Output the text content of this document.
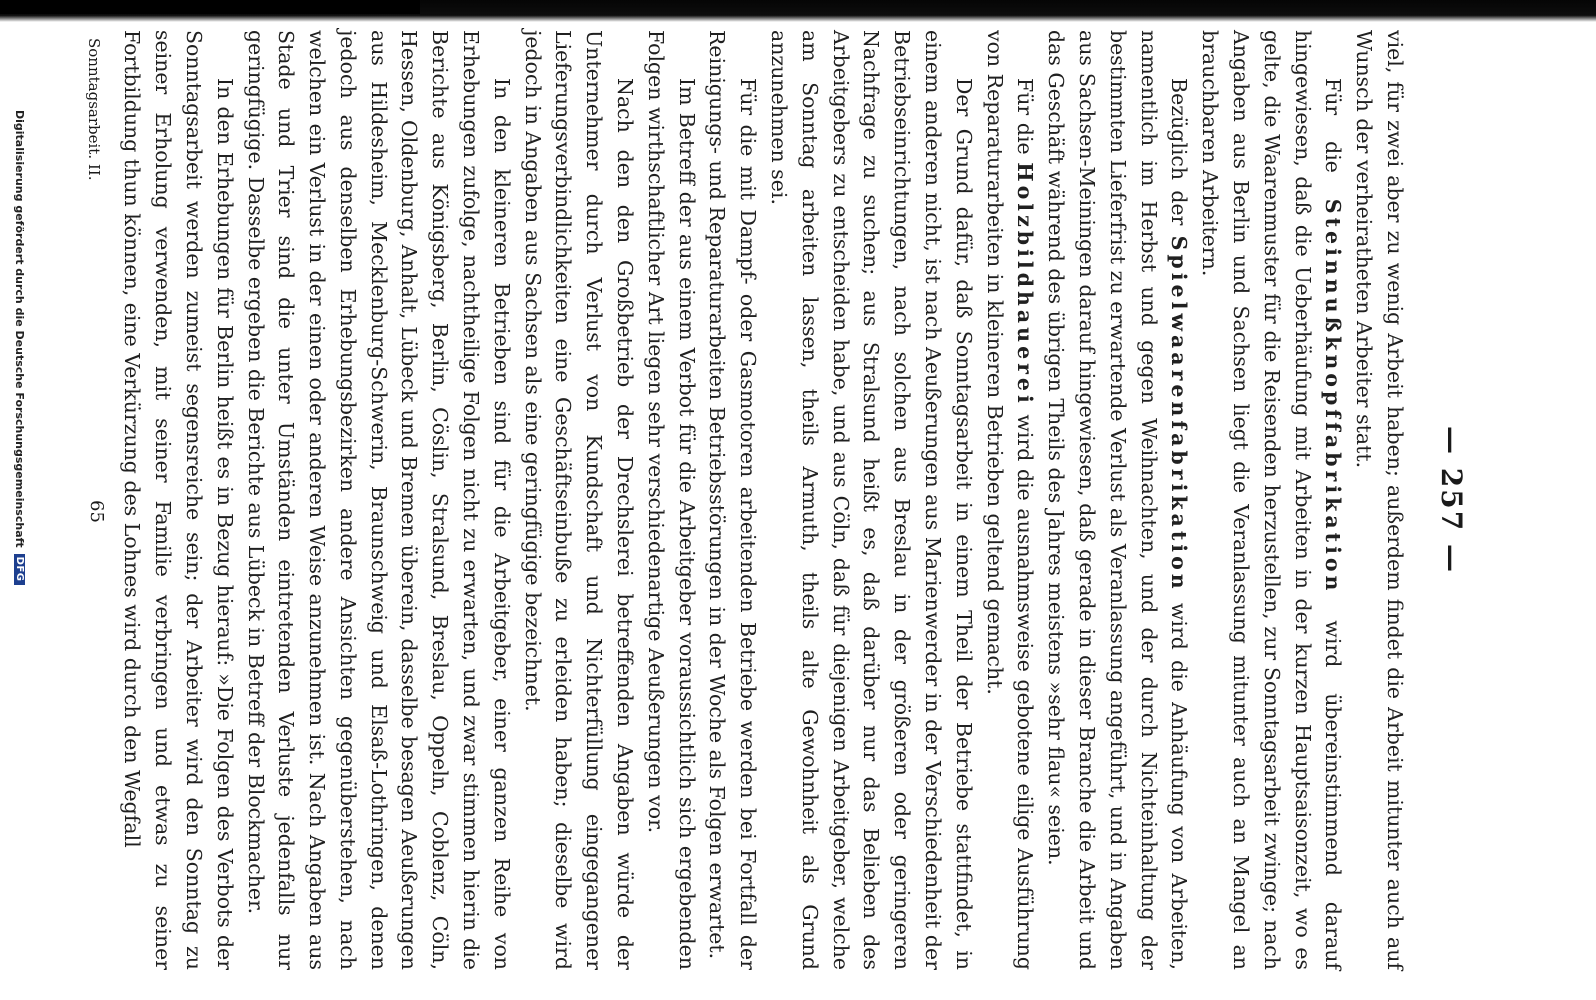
— 257 —

viel, für zwei aber zu wenig Arbeit haben; außerdem findet die Arbeit mitunter auch auf Wunsch der verheiratheten Arbeiter statt.

Für die Steinnußknopffabrikation wird übereinstimmend darauf hingewiesen, daß die Ueberhäufung mit Arbeiten in der kurzen Hauptsaisonzeit, wo es gelte, die Waarenmuster für die Reisenden herzustellen, zur Sonntagsarbeit zwinge; nach Angaben aus Berlin und Sachsen liegt die Veranlassung mitunter auch an Mangel an brauchbaren Arbeitern.

Bezüglich der Spielwaarenfabrikation wird die Anhäufung von Arbeiten, namentlich im Herbst und gegen Weihnachten, und der durch Nichteinhaltung der bestimmten Lieferfrist zu erwartende Verlust als Veranlassung angeführt, und in Angaben aus Sachsen-Meiningen darauf hingewiesen, daß gerade in dieser Branche die Arbeit und das Geschäft während des übrigen Theils des Jahres meistens »sehr flau« seien.

Für die Holzbildhauerei wird die ausnahmsweise gebotene eilige Ausführung von Reparaturarbeiten in kleineren Betrieben geltend gemacht.

Der Grund dafür, daß Sonntagsarbeit in einem Theil der Betriebe stattfindet, in einem anderen nicht, ist nach Aeußerungen aus Marienwerder in der Verschiedenheit der Betriebseinrichtungen, nach solchen aus Breslau in der größeren oder geringeren Nachfrage zu suchen; aus Stralsund heißt es, daß darüber nur das Belieben des Arbeitgebers zu entscheiden habe, und aus Cöln, daß für diejenigen Arbeitgeber, welche am Sonntag arbeiten lassen, theils Armuth, theils alte Gewohnheit als Grund anzunehmen sei.

Für die mit Dampf- oder Gasmotoren arbeitenden Betriebe werden bei Fortfall der Reinigungs- und Reparaturarbeiten Betriebsstörungen in der Woche als Folgen erwartet.

Im Betreff der aus einem Verbot für die Arbeitgeber voraussichtlich sich ergebenden Folgen wirthschaftlicher Art liegen sehr verschiedenartige Aeußerungen vor.

Nach den den Großbetrieb der Drechslerei betreffenden Angaben würde der Unternehmer durch Verlust von Kundschaft und Nichterfüllung eingegangener Lieferungsverbindlichkeiten eine Geschäftseinbuße zu erleiden haben; dieselbe wird jedoch in Angaben aus Sachsen als eine geringfügige bezeichnet.

In den kleineren Betrieben sind für die Arbeitgeber, einer ganzen Reihe von Erhebungen zufolge, nachtheilige Folgen nicht zu erwarten, und zwar stimmen hierin die Berichte aus Königsberg, Berlin, Cöslin, Stralsund, Breslau, Oppeln, Coblenz, Cöln, Hessen, Oldenburg, Anhalt, Lübeck und Bremen überein, dasselbe besagen Aeußerungen aus Hildesheim, Mecklenburg-Schwerin, Braunschweig und Elsaß-Lothringen, denen jedoch aus denselben Erhebungsbezirken andere Ansichten gegenüberstehen, nach welchen ein Verlust in der einen oder anderen Weise anzunehmen ist. Nach Angaben aus Stade und Trier sind die unter Umständen eintretenden Verluste jedenfalls nur geringfügige. Dasselbe ergeben die Berichte aus Lübeck in Betreff der Blockmacher.

In den Erhebungen für Berlin heißt es in Bezug hierauf: »Die Folgen des Verbots der Sonntagsarbeit werden zumeist segensreiche sein; der Arbeiter wird den Sonntag zu seiner Erholung verwenden, mit seiner Familie verbringen und etwas zu seiner Fortbildung thun können, eine Verkürzung des Lohnes wird durch den Wegfall

Sonntagsarbeit. II.
65
Digitalisierung gefördert durch die Deutsche Forschungsgemeinschaft
DFG
